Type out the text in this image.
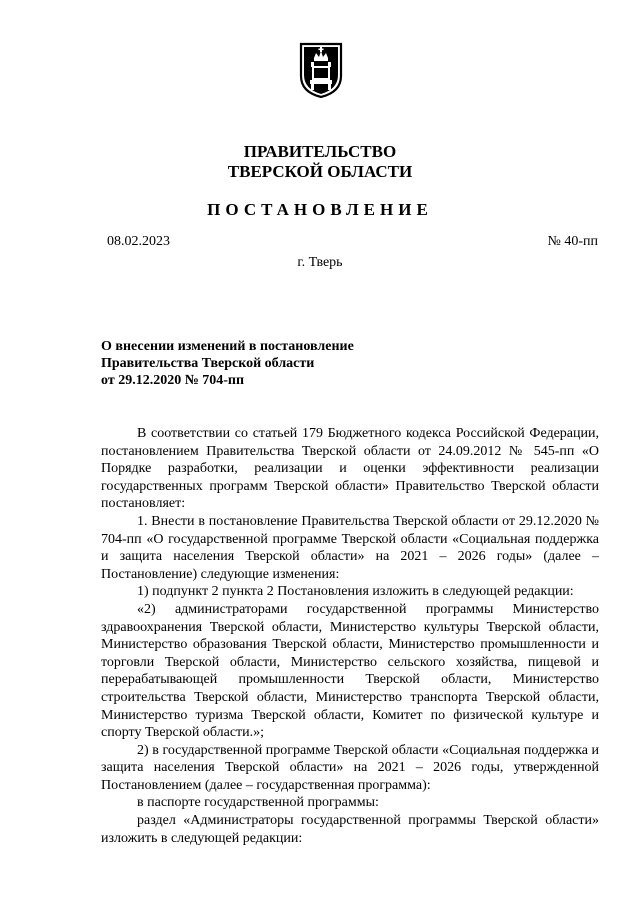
ПРАВИТЕЛЬСТВО
ТВЕРСКОЙ ОБЛАСТИ
ПОСТАНОВЛЕНИЕ
08.02.2023	№ 40-пп
г. Тверь
О внесении изменений в постановление
Правительства Тверской области
от 29.12.2020 № 704-пп

В соответствии со статьей 179 Бюджетного кодекса Российской Федерации, постановлением Правительства Тверской области от 24.09.2012 № 545-пп «О Порядке разработки, реализации и оценки эффективности реализации государственных программ Тверской области» Правительство Тверской области постановляет:

1. Внести в постановление Правительства Тверской области от 29.12.2020 № 704-пп «О государственной программе Тверской области «Социальная поддержка и защита населения Тверской области» на 2021 – 2026 годы» (далее – Постановление) следующие изменения:

1) подпункт 2 пункта 2 Постановления изложить в следующей редакции:

«2) администраторами государственной программы Министерство здравоохранения Тверской области, Министерство культуры Тверской области, Министерство образования Тверской области, Министерство промышленности и торговли Тверской области, Министерство сельского хозяйства, пищевой и перерабатывающей промышленности Тверской области, Министерство строительства Тверской области, Министерство транспорта Тверской области, Министерство туризма Тверской области, Комитет по физической культуре и спорту Тверской области.»;

2) в государственной программе Тверской области «Социальная поддержка и защита населения Тверской области» на 2021 – 2026 годы, утвержденной Постановлением (далее – государственная программа):

в паспорте государственной программы:

раздел «Администраторы государственной программы Тверской области» изложить в следующей редакции:
